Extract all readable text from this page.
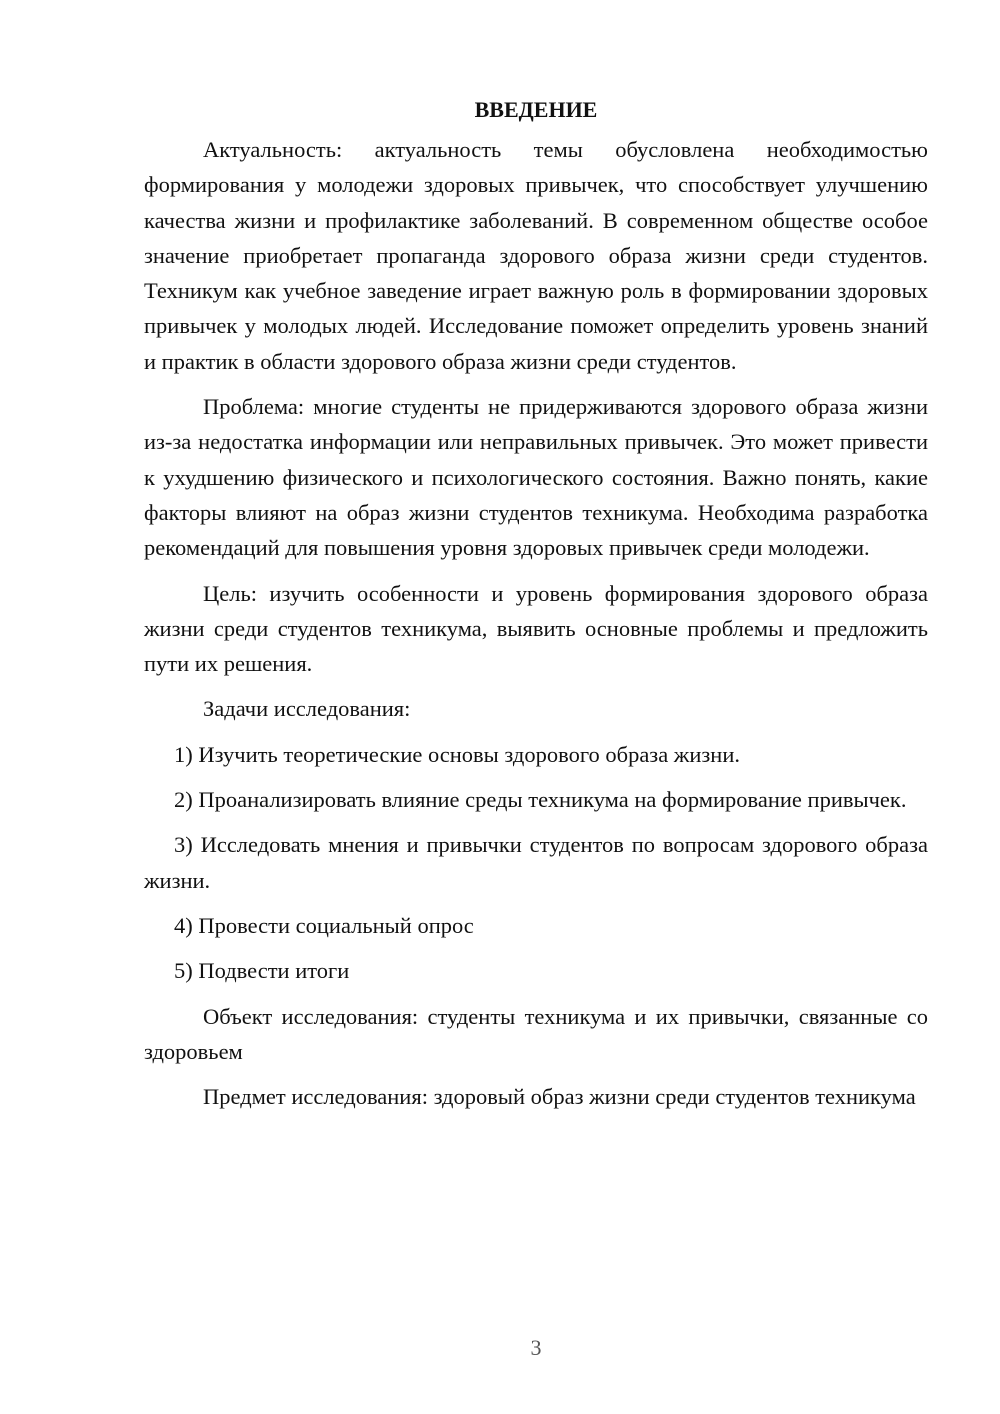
ВВЕДЕНИЕ

Актуальность: актуальность темы обусловлена необходимостью формирования у молодежи здоровых привычек, что способствует улучшению качества жизни и профилактике заболеваний. В современном обществе особое значение приобретает пропаганда здорового образа жизни среди студентов. Техникум как учебное заведение играет важную роль в формировании здоровых привычек у молодых людей. Исследование поможет определить уровень знаний и практик в области здорового образа жизни среди студентов.

Проблема: многие студенты не придерживаются здорового образа жизни из-за недостатка информации или неправильных привычек. Это может привести к ухудшению физического и психологического состояния. Важно понять, какие факторы влияют на образ жизни студентов техникума. Необходима разработка рекомендаций для повышения уровня здоровых привычек среди молодежи.

Цель: изучить особенности и уровень формирования здорового образа жизни среди студентов техникума, выявить основные проблемы и предложить пути их решения.

Задачи исследования:

1) Изучить теоретические основы здорового образа жизни.

2) Проанализировать влияние среды техникума на формирование привычек.

3) Исследовать мнения и привычки студентов по вопросам здорового образа жизни.

4) Провести социальный опрос

5) Подвести итоги

Объект исследования: студенты техникума и их привычки, связанные со здоровьем

Предмет исследования: здоровый образ жизни среди студентов техникума

3
